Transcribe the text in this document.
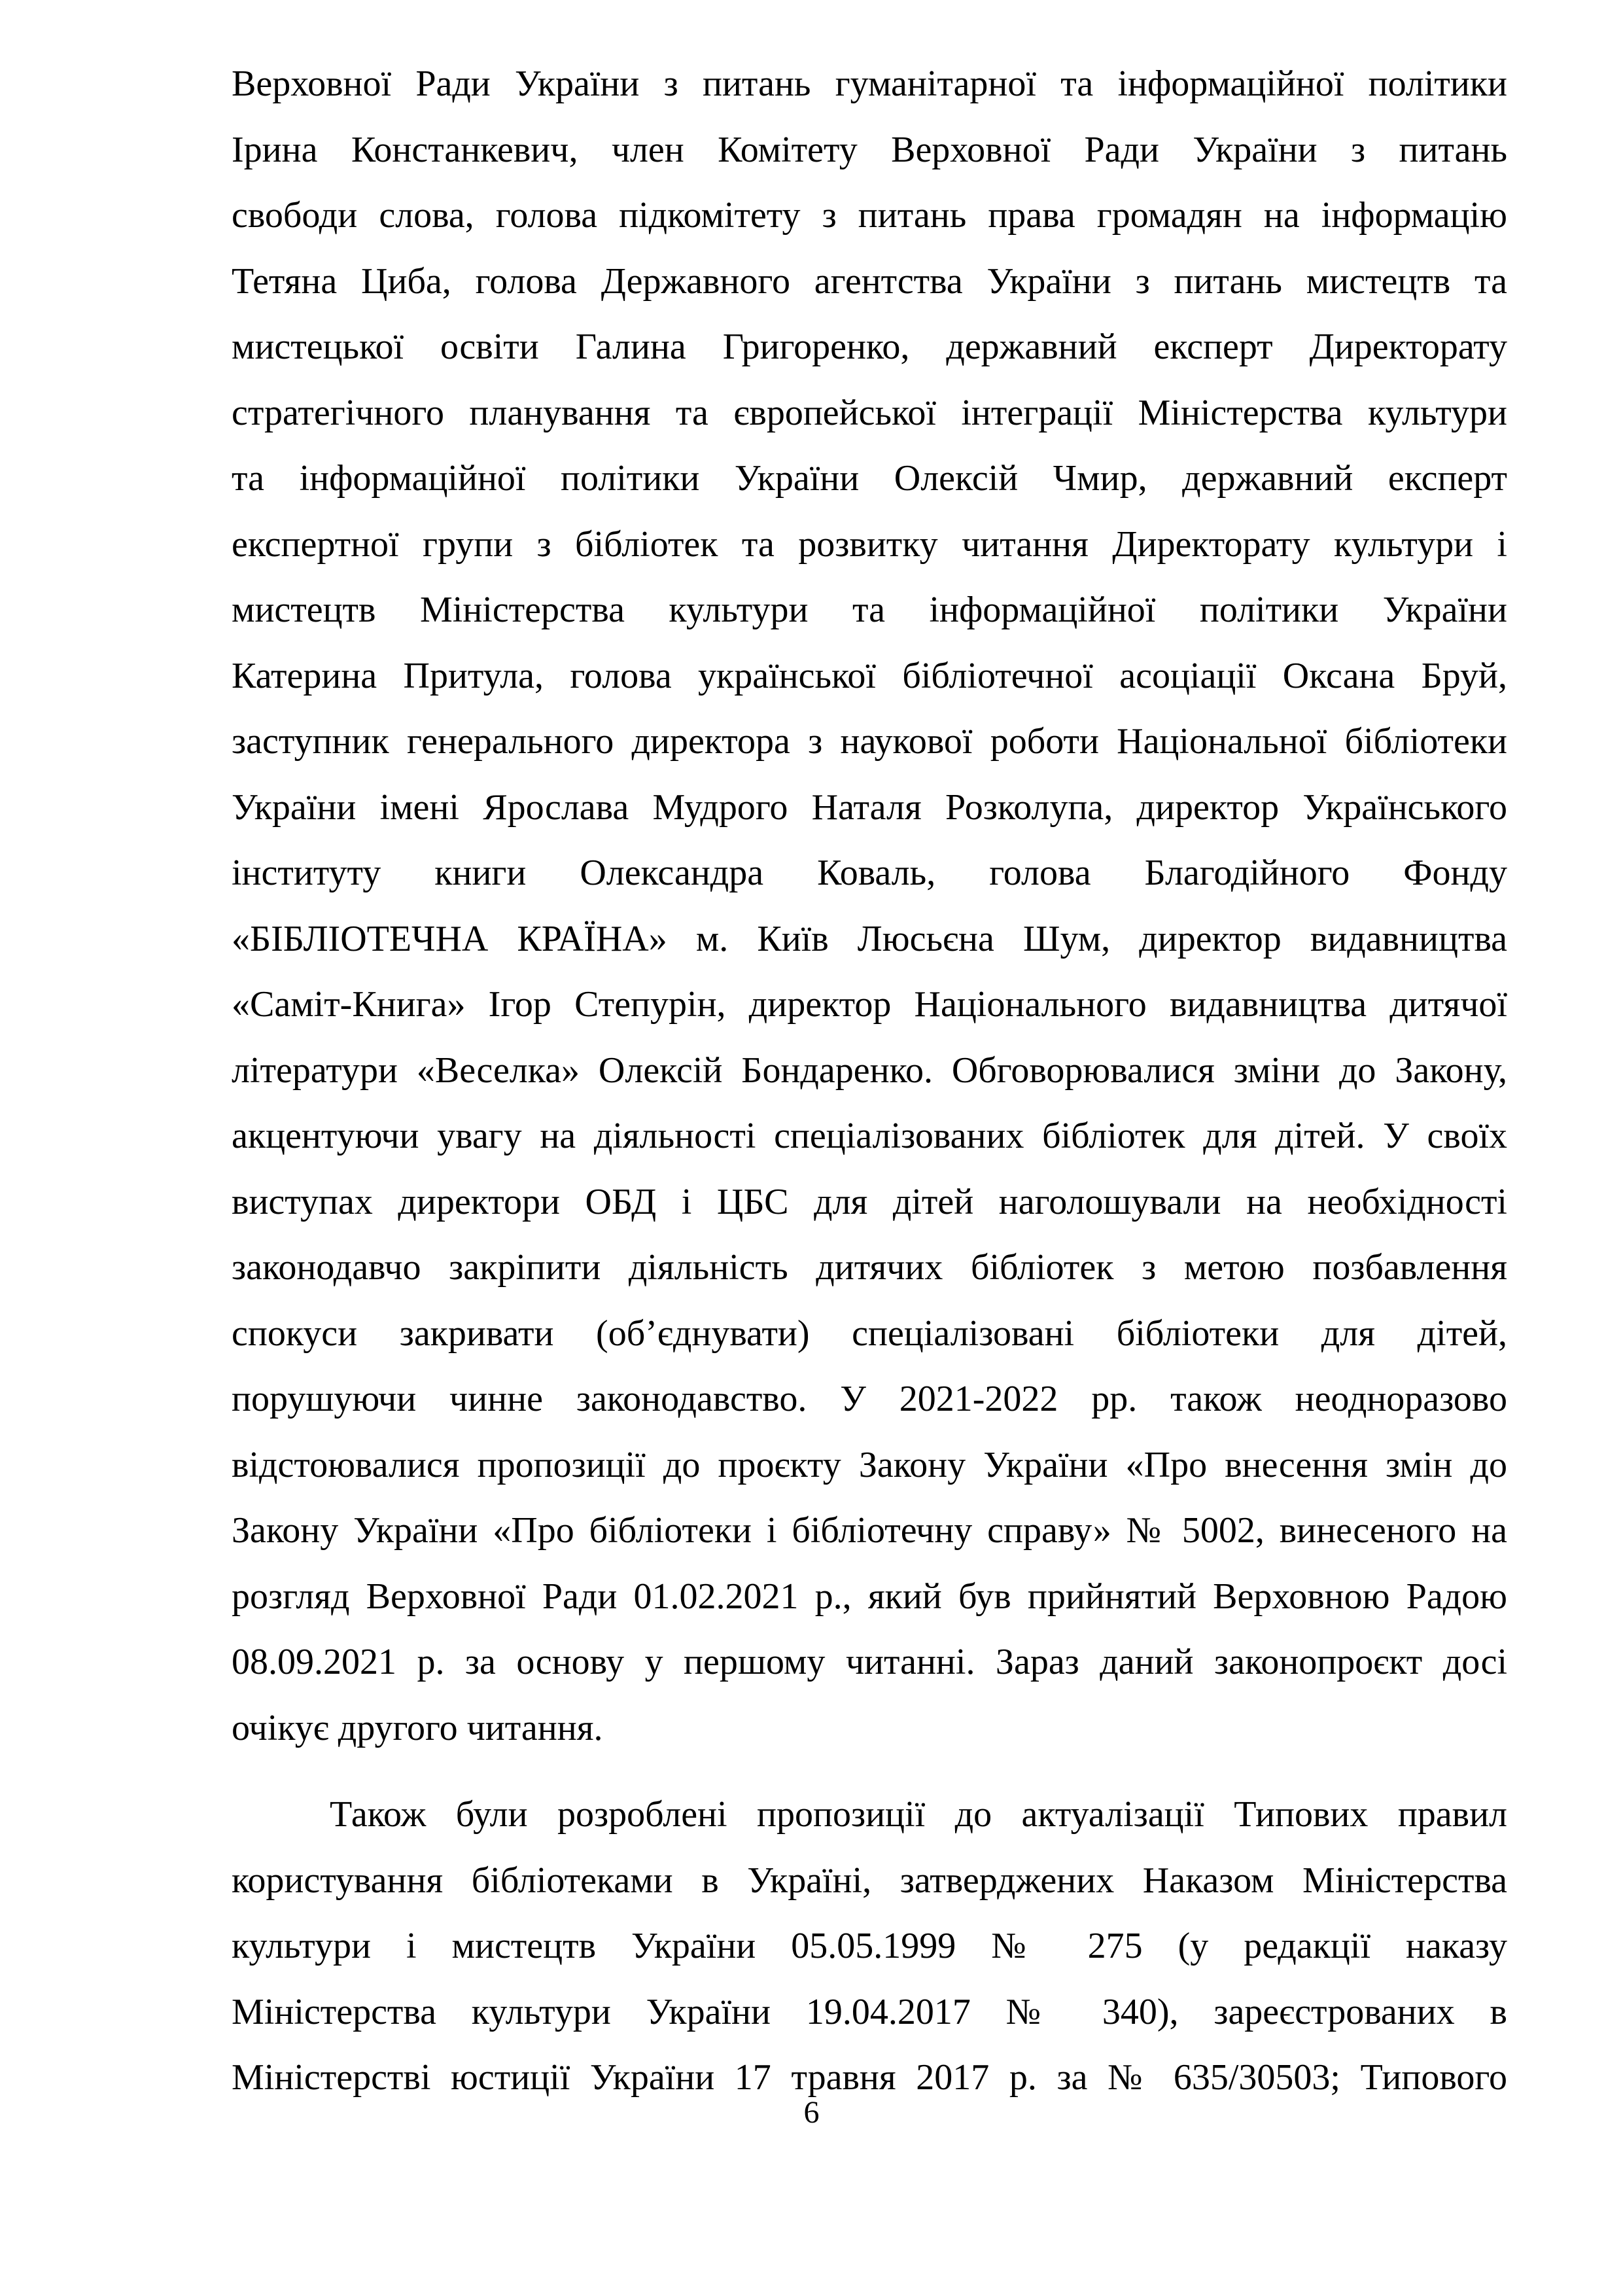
Верховної Ради України з питань гуманітарної та інформаційної політики
Ірина Констанкевич, член Комітету Верховної Ради України з питань
свободи слова, голова підкомітету з питань права громадян на інформацію
Тетяна Циба, голова Державного агентства України з питань мистецтв та
мистецької освіти Галина Григоренко, державний експерт Директорату
стратегічного планування та європейської інтеграції Міністерства культури
та інформаційної політики України Олексій Чмир, державний експерт
експертної групи з бібліотек та розвитку читання Директорату культури і
мистецтв Міністерства культури та інформаційної політики України
Катерина Притула, голова української бібліотечної асоціації Оксана Бруй,
заступник генерального директора з наукової роботи Національної бібліотеки
України імені Ярослава Мудрого Наталя Розколупа, директор Українського
інституту книги Олександра Коваль, голова Благодійного Фонду
«БІБЛІОТЕЧНА КРАЇНА» м. Київ Люсьєна Шум, директор видавництва
«Саміт-Книга» Ігор Степурін, директор Національного видавництва дитячої
літератури «Веселка» Олексій Бондаренко. Обговорювалися зміни до Закону,
акцентуючи увагу на діяльності спеціалізованих бібліотек для дітей. У своїх
виступах директори ОБД і ЦБС для дітей наголошували на необхідності
законодавчо закріпити діяльність дитячих бібліотек з метою позбавлення
спокуси закривати (об’єднувати) спеціалізовані бібліотеки для дітей,
порушуючи чинне законодавство. У 2021-2022 рр. також неодноразово
відстоювалися пропозиції до проєкту Закону України «Про внесення змін до
Закону України «Про бібліотеки і бібліотечну справу» № 5002, винесеного на
розгляд Верховної Ради 01.02.2021 р., який був прийнятий Верховною Радою
08.09.2021 р. за основу у першому читанні. Зараз даний законопроєкт досі
очікує другого читання.
Також були розроблені пропозиції до актуалізації Типових правил
користування бібліотеками в Україні, затверджених Наказом Міністерства
культури і мистецтв України 05.05.1999 № 275 (у редакції наказу
Міністерства культури України 19.04.2017 № 340), зареєстрованих в
Міністерстві юстиції України 17 травня 2017 р. за № 635/30503; Типового
6
